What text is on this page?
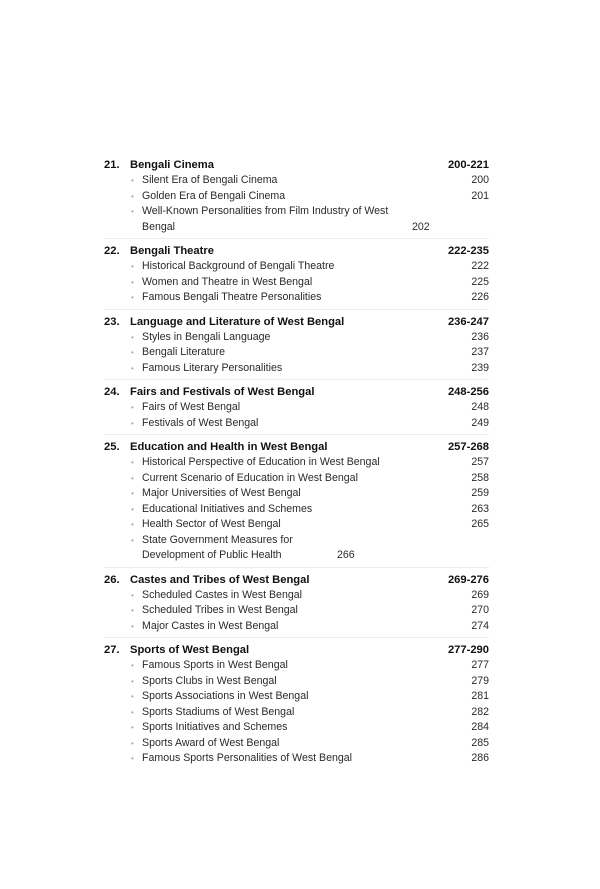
21. Bengali Cinema	200-221
• Silent Era of Bengali Cinema	200
• Golden Era of Bengali Cinema	201
• Well-Known Personalities from Film Industry of West Bengal	202
22. Bengali Theatre	222-235
• Historical Background of Bengali Theatre	222
• Women and Theatre in West Bengal	225
• Famous Bengali Theatre Personalities	226
23. Language and Literature of West Bengal	236-247
• Styles in Bengali Language	236
• Bengali Literature	237
• Famous Literary Personalities	239
24. Fairs and Festivals of West Bengal	248-256
• Fairs of West Bengal	248
• Festivals of West Bengal	249
25. Education and Health in West Bengal	257-268
• Historical Perspective of Education in West Bengal	257
• Current Scenario of Education in West Bengal	258
• Major Universities of West Bengal	259
• Educational Initiatives and Schemes	263
• Health Sector of West Bengal	265
• State Government Measures for Development of Public Health	266
26. Castes and Tribes of West Bengal	269-276
• Scheduled Castes in West Bengal	269
• Scheduled Tribes in West Bengal	270
• Major Castes in West Bengal	274
27. Sports of West Bengal	277-290
• Famous Sports in West Bengal	277
• Sports Clubs in West Bengal	279
• Sports Associations in West Bengal	281
• Sports Stadiums of West Bengal	282
• Sports Initiatives and Schemes	284
• Sports Award of West Bengal	285
• Famous Sports Personalities of West Bengal	286
